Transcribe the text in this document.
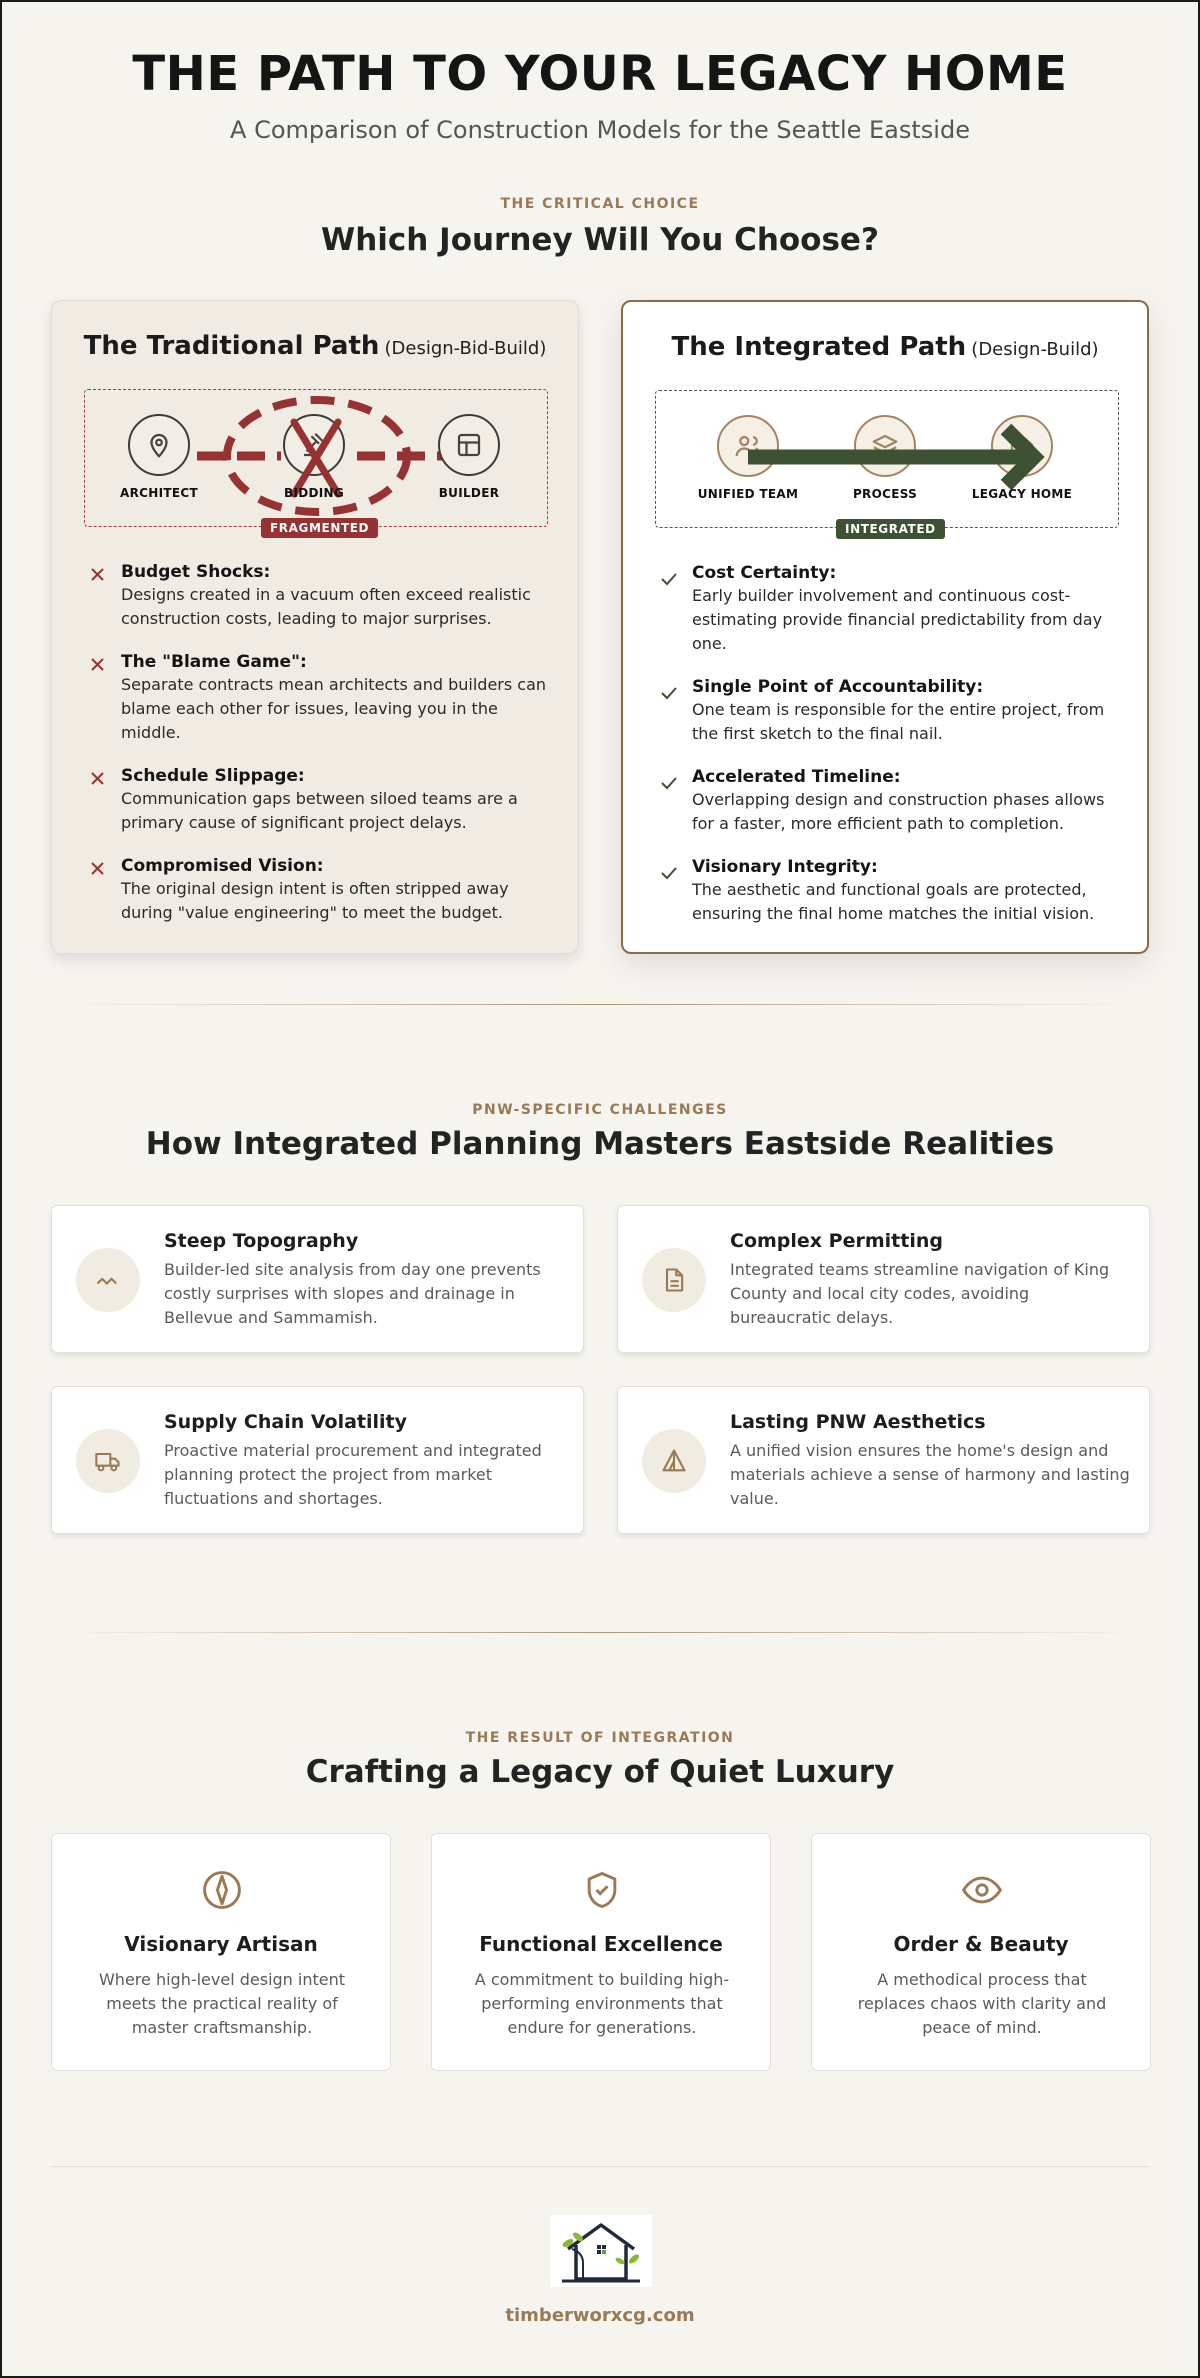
THE PATH TO YOUR LEGACY HOME
A Comparison of Construction Models for the Seattle Eastside
THE CRITICAL CHOICE
Which Journey Will You Choose?
The Traditional Path (Design-Bid-Build)
ARCHITECT	BIDDING	BUILDER
FRAGMENTED
Budget Shocks:
Designs created in a vacuum often exceed realistic construction costs, leading to major surprises.
The "Blame Game":
Separate contracts mean architects and builders can blame each other for issues, leaving you in the middle.
Schedule Slippage:
Communication gaps between siloed teams are a primary cause of significant project delays.
Compromised Vision:
The original design intent is often stripped away during "value engineering" to meet the budget.
The Integrated Path (Design-Build)
UNIFIED TEAM	PROCESS	LEGACY HOME
INTEGRATED
Cost Certainty:
Early builder involvement and continuous cost-estimating provide financial predictability from day one.
Single Point of Accountability:
One team is responsible for the entire project, from the first sketch to the final nail.
Accelerated Timeline:
Overlapping design and construction phases allows for a faster, more efficient path to completion.
Visionary Integrity:
The aesthetic and functional goals are protected, ensuring the final home matches the initial vision.
PNW-SPECIFIC CHALLENGES
How Integrated Planning Masters Eastside Realities
Steep Topography
Builder-led site analysis from day one prevents costly surprises with slopes and drainage in Bellevue and Sammamish.
Complex Permitting
Integrated teams streamline navigation of King County and local city codes, avoiding bureaucratic delays.
Supply Chain Volatility
Proactive material procurement and integrated planning protect the project from market fluctuations and shortages.
Lasting PNW Aesthetics
A unified vision ensures the home's design and materials achieve a sense of harmony and lasting value.
THE RESULT OF INTEGRATION
Crafting a Legacy of Quiet Luxury
Visionary Artisan
Where high-level design intent meets the practical reality of master craftsmanship.
Functional Excellence
A commitment to building high-performing environments that endure for generations.
Order & Beauty
A methodical process that replaces chaos with clarity and peace of mind.
timberworxcg.com
